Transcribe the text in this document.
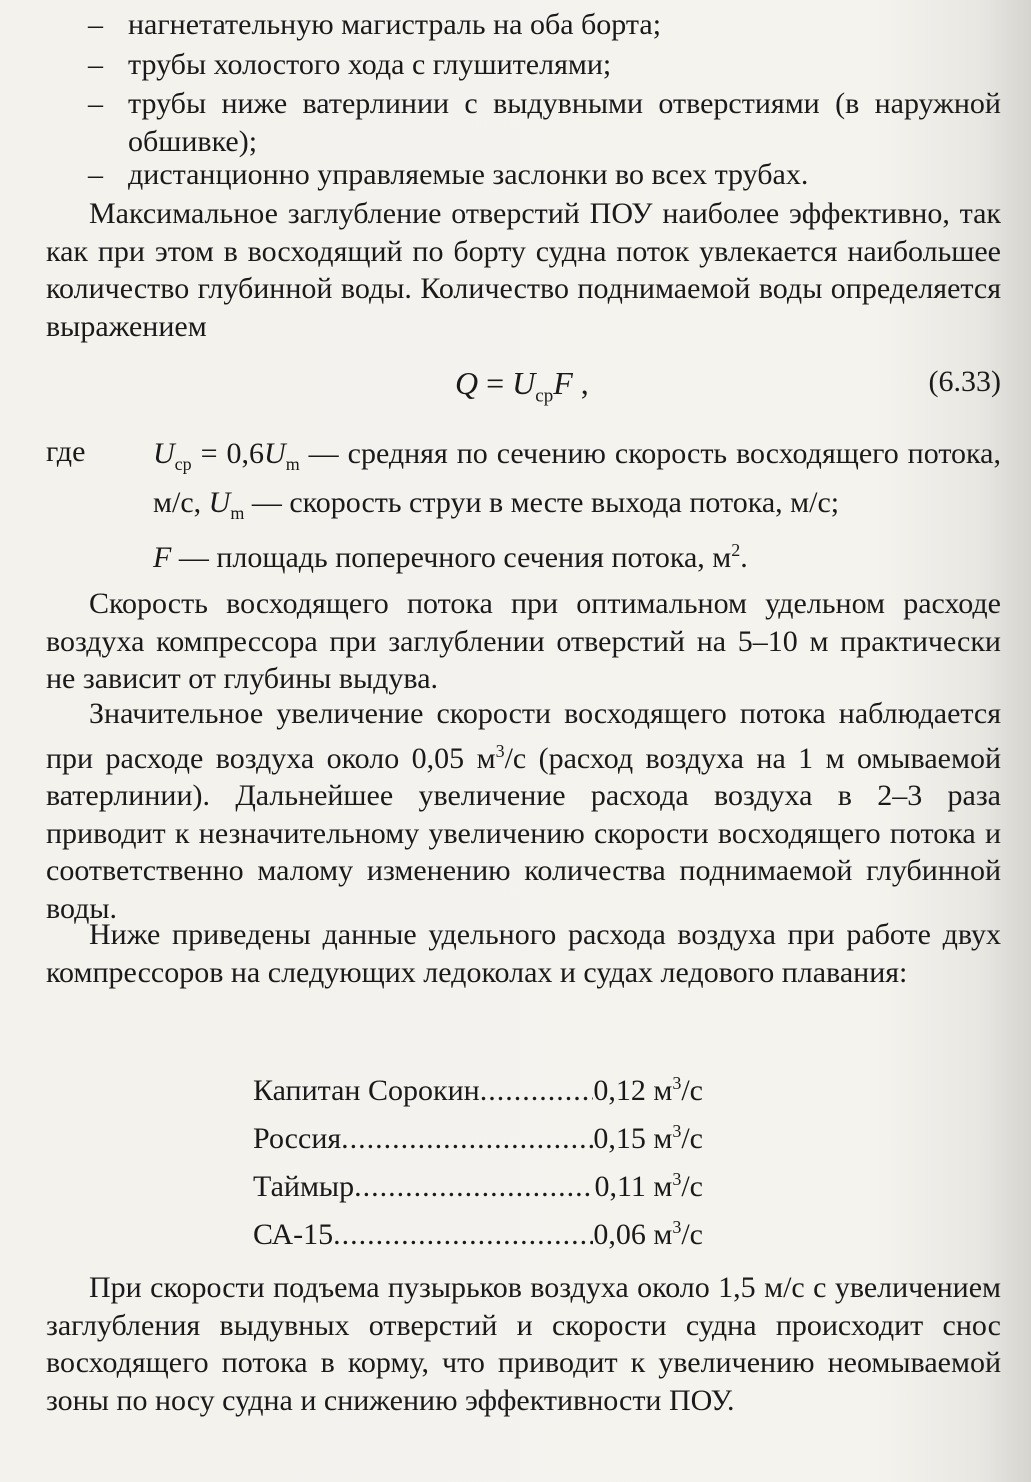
– нагнетательную магистраль на оба борта;
– трубы холостого хода с глушителями;
– трубы ниже ватерлинии с выдувными отверстиями (в наружной обшивке);
– дистанционно управляемые заслонки во всех трубах.
Максимальное заглубление отверстий ПОУ наиболее эффективно, так как при этом в восходящий по борту судна поток увлекается наибольшее количество глубинной воды. Количество поднимаемой воды определяется выражением
$Q = U_{ср}F$ ,	(6.33)
где $U_{ср} = 0,6U_m$ — средняя по сечению скорость восходящего потока, м/с, $U_m$ — скорость струи в месте выхода потока, м/с;
F — площадь поперечного сечения потока, $м^2$.
Скорость восходящего потока при оптимальном удельном расходе воздуха компрессора при заглублении отверстий на 5–10 м практически не зависит от глубины выдува.
Значительное увеличение скорости восходящего потока наблюдается при расходе воздуха около 0,05 $м^3/с$ (расход воздуха на 1 м омываемой ватерлинии). Дальнейшее увеличение расхода воздуха в 2–3 раза приводит к незначительному увеличению скорости восходящего потока и соответственно малому изменению количества поднимаемой глубинной воды.
Ниже приведены данные удельного расхода воздуха при работе двух компрессоров на следующих ледоколах и судах ледового плавания:
Капитан Сорокин .....	0,12 $м^3/с$
Россия .....	0,15 $м^3/с$
Таймыр .....	0,11 $м^3/с$
СА-15 .....	0,06 $м^3/с$
При скорости подъема пузырьков воздуха около 1,5 м/с с увеличением заглубления выдувных отверстий и скорости судна происходит снос восходящего потока в корму, что приводит к увеличению неомываемой зоны по носу судна и снижению эффективности ПОУ.
